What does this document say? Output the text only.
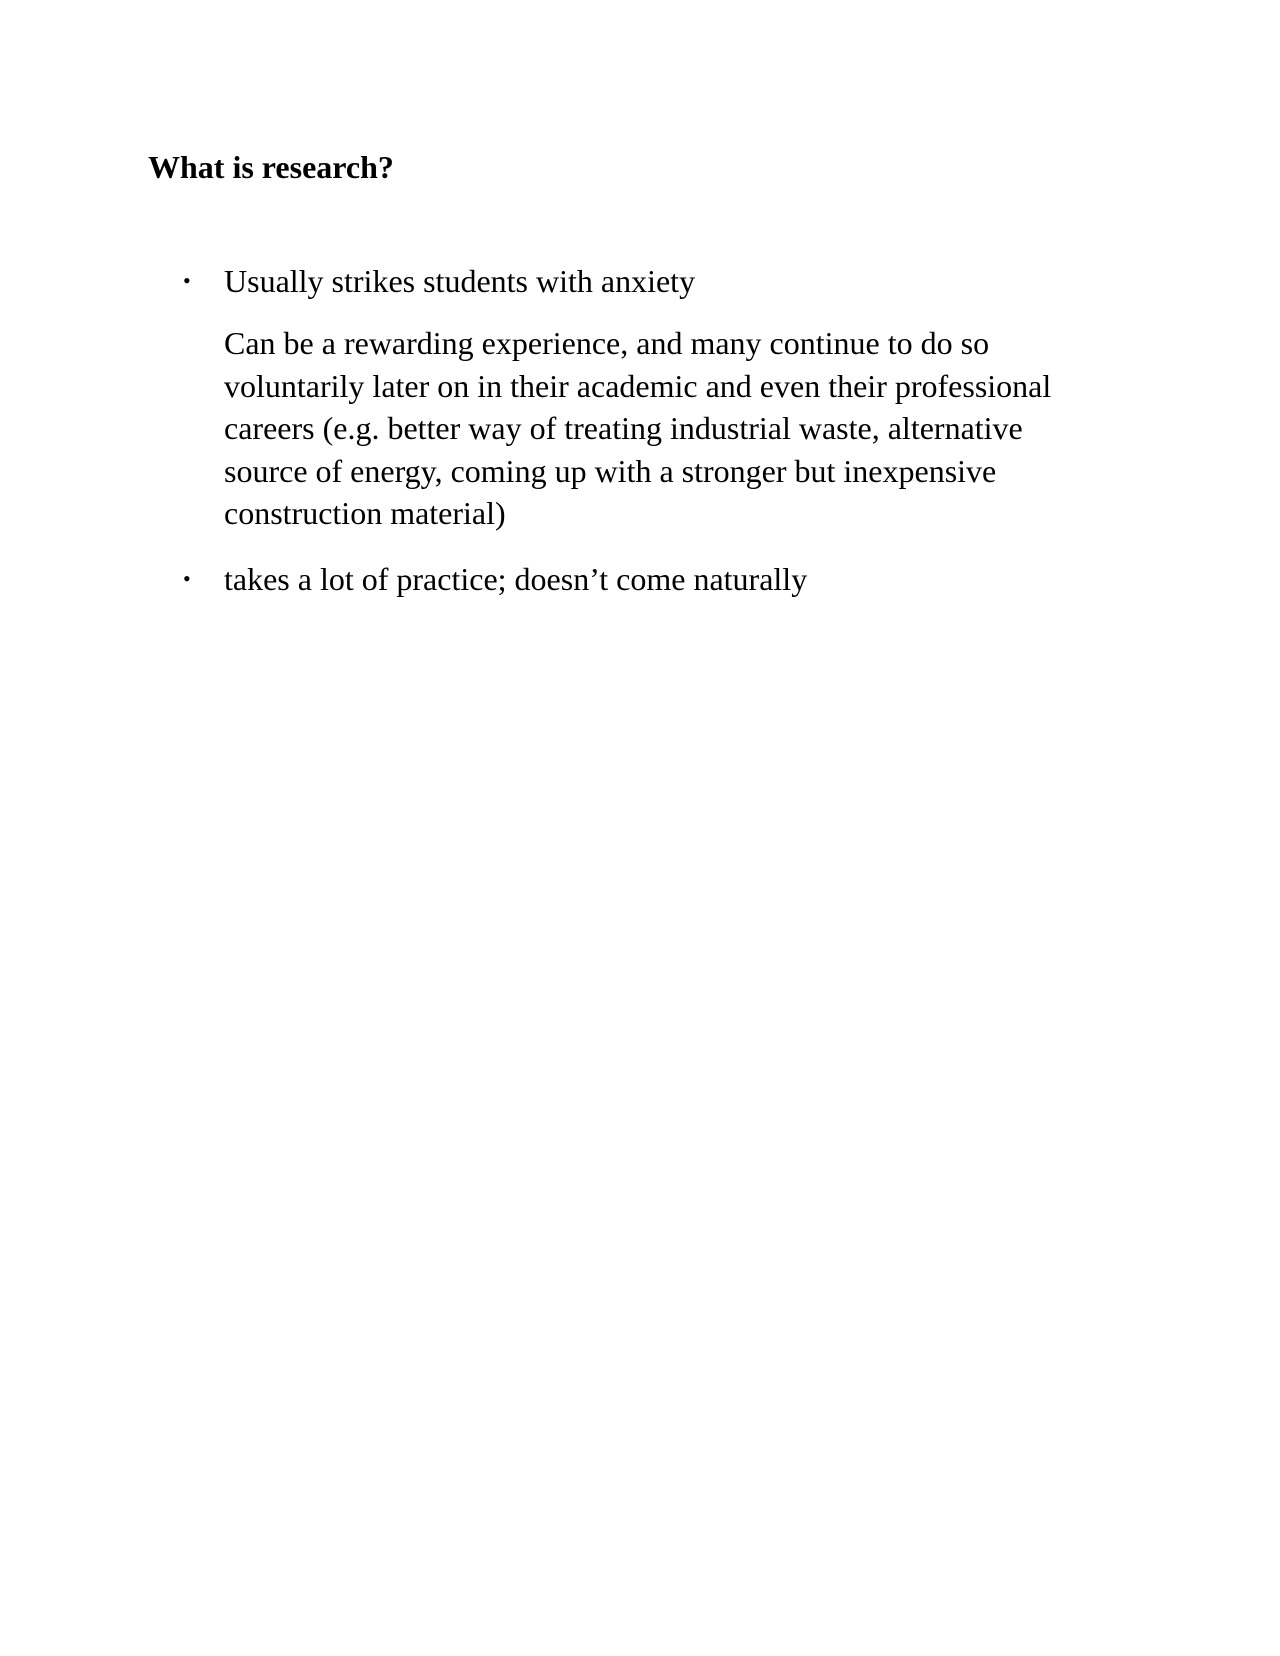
What is research?
• Usually strikes students with anxiety

Can be a rewarding experience, and many continue to do so voluntarily later on in their academic and even their professional careers (e.g. better way of treating industrial waste, alternative source of energy, coming up with a stronger but inexpensive construction material)

• takes a lot of practice; doesn’t come naturally
